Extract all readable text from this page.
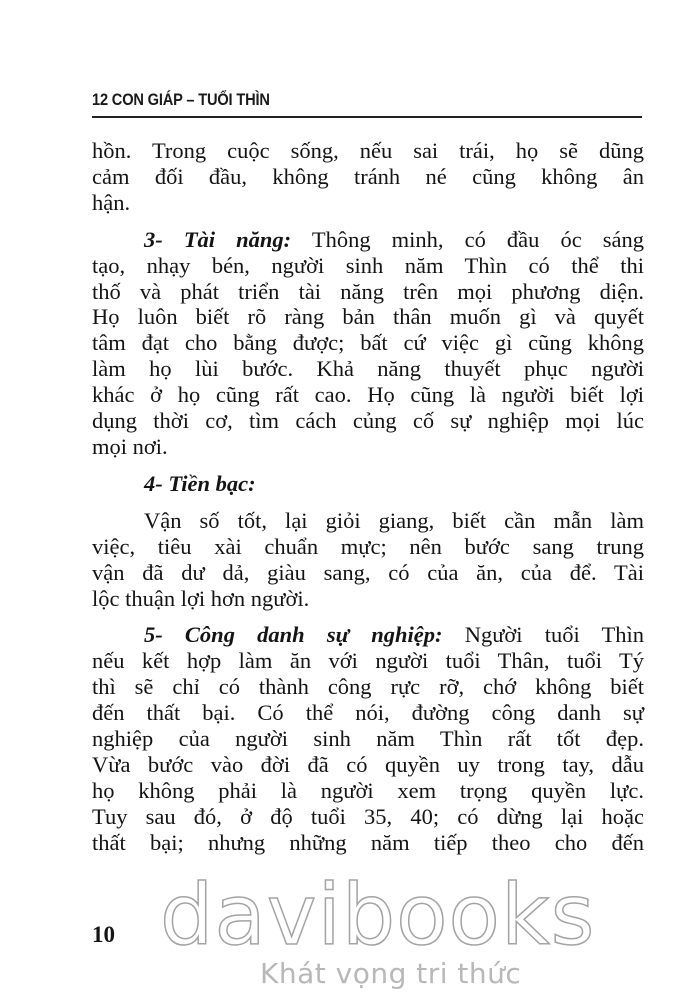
12 CON GIÁP – TUỔI THÌN
hồn. Trong cuộc sống, nếu sai trái, họ sẽ dũng
cảm đối đầu, không tránh né cũng không ân
hận.
3- Tài năng: Thông minh, có đầu óc sáng
tạo, nhạy bén, người sinh năm Thìn có thể thi
thố và phát triển tài năng trên mọi phương diện.
Họ luôn biết rõ ràng bản thân muốn gì và quyết
tâm đạt cho bằng được; bất cứ việc gì cũng không
làm họ lùi bước. Khả năng thuyết phục người
khác ở họ cũng rất cao. Họ cũng là người biết lợi
dụng thời cơ, tìm cách củng cố sự nghiệp mọi lúc
mọi nơi.
4- Tiền bạc:
Vận số tốt, lại giỏi giang, biết cần mẫn làm
việc, tiêu xài chuẩn mực; nên bước sang trung
vận đã dư dả, giàu sang, có của ăn, của để. Tài
lộc thuận lợi hơn người.
5- Công danh sự nghiệp: Người tuổi Thìn
nếu kết hợp làm ăn với người tuổi Thân, tuổi Tý
thì sẽ chỉ có thành công rực rỡ, chớ không biết
đến thất bại. Có thể nói, đường công danh sự
nghiệp của người sinh năm Thìn rất tốt đẹp.
Vừa bước vào đời đã có quyền uy trong tay, dẫu
họ không phải là người xem trọng quyền lực.
Tuy sau đó, ở độ tuổi 35, 40; có dừng lại hoặc
thất bại; nhưng những năm tiếp theo cho đến
10 davibooks
Khát vọng tri thức
